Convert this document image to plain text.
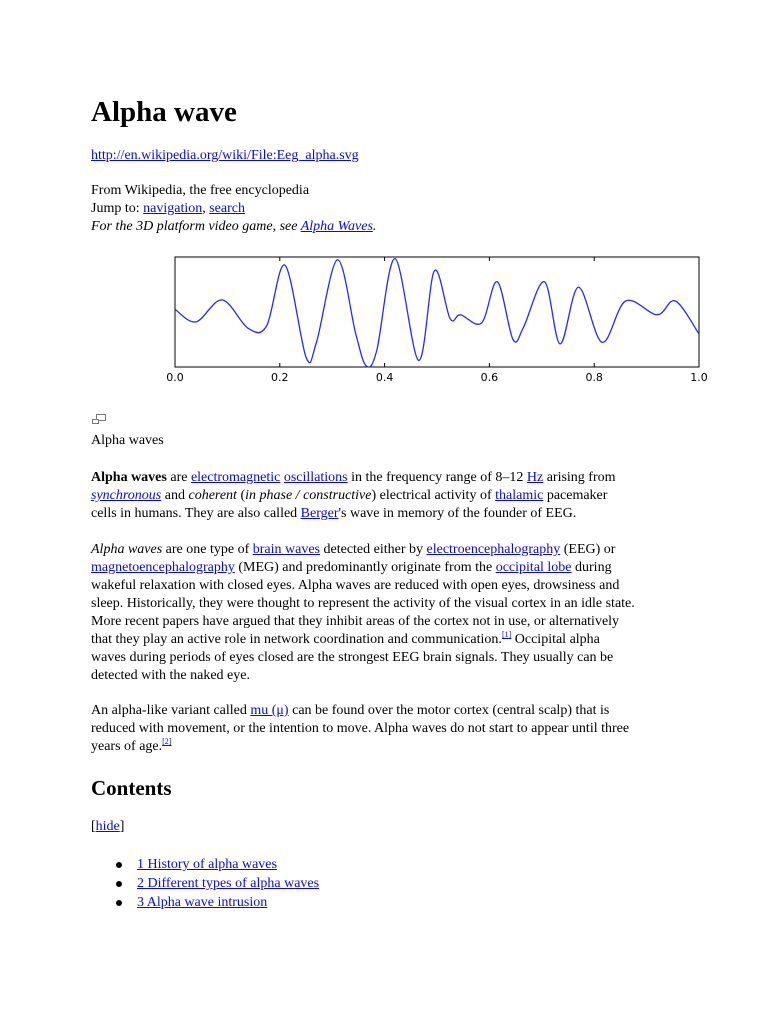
Alpha wave
http://en.wikipedia.org/wiki/File:Eeg_alpha.svg
From Wikipedia, the free encyclopedia
Jump to: navigation, search
For the 3D platform video game, see Alpha Waves.
0.0	0.2	0.4	0.6	0.8	1.0
Alpha waves
Alpha waves are electromagnetic oscillations in the frequency range of 8–12 Hz arising from
synchronous and coherent (in phase / constructive) electrical activity of thalamic pacemaker
cells in humans. They are also called Berger's wave in memory of the founder of EEG.
Alpha waves are one type of brain waves detected either by electroencephalography (EEG) or
magnetoencephalography (MEG) and predominantly originate from the occipital lobe during
wakeful relaxation with closed eyes. Alpha waves are reduced with open eyes, drowsiness and
sleep. Historically, they were thought to represent the activity of the visual cortex in an idle state.
More recent papers have argued that they inhibit areas of the cortex not in use, or alternatively
that they play an active role in network coordination and communication.[1] Occipital alpha
waves during periods of eyes closed are the strongest EEG brain signals. They usually can be
detected with the naked eye.
An alpha-like variant called mu (μ) can be found over the motor cortex (central scalp) that is
reduced with movement, or the intention to move. Alpha waves do not start to appear until three
years of age.[2]
Contents
[hide]
1 History of alpha waves
2 Different types of alpha waves
3 Alpha wave intrusion
